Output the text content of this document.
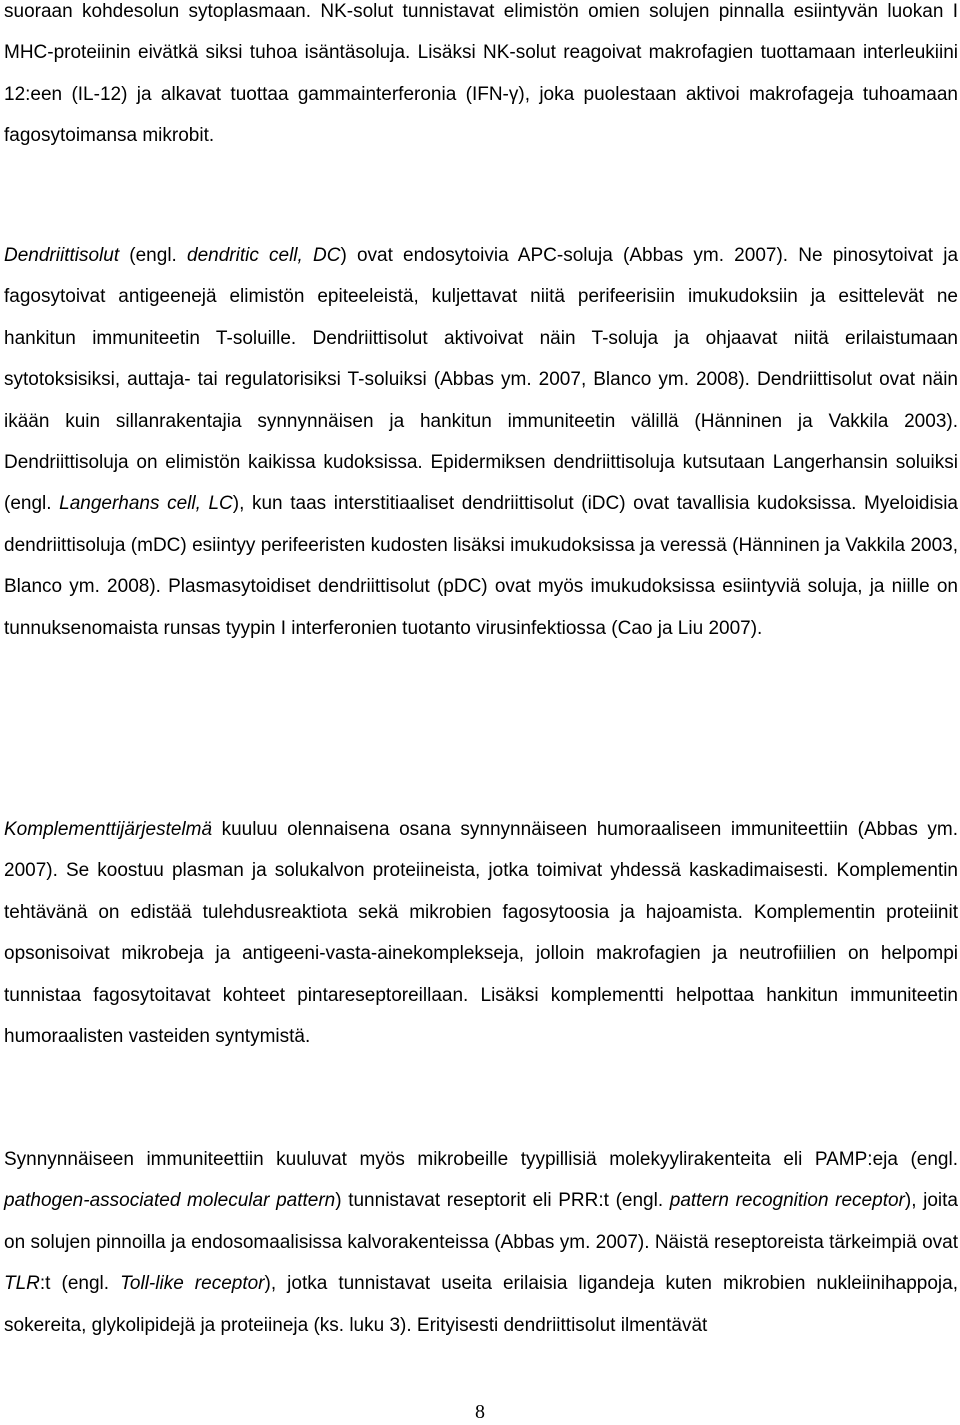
suoraan kohdesolun sytoplasmaan. NK-solut tunnistavat elimistön omien solujen pinnalla esiintyvän luokan I MHC-proteiinin eivätkä siksi tuhoa isäntäsoluja. Lisäksi NK-solut reagoivat makrofagien tuottamaan interleukiini 12:een (IL-12) ja alkavat tuottaa gammainterferonia (IFN-γ), joka puolestaan aktivoi makrofageja tuhoamaan fagosytoimansa mikrobit.

Dendriittisolut (engl. dendritic cell, DC) ovat endosytoivia APC-soluja (Abbas ym. 2007). Ne pinosytoivat ja fagosytoivat antigeenejä elimistön epiteeleistä, kuljettavat niitä perifeerisiin imukudoksiin ja esittelevät ne hankitun immuniteetin T-soluille. Dendriittisolut aktivoivat näin T-soluja ja ohjaavat niitä erilaistumaan sytotoksisiksi, auttaja- tai regulatorisiksi T-soluiksi (Abbas ym. 2007, Blanco ym. 2008). Dendriittisolut ovat näin ikään kuin sillanrakentajia synnynnäisen ja hankitun immuniteetin välillä (Hänninen ja Vakkila 2003). Dendriittisoluja on elimistön kaikissa kudoksissa. Epidermiksen dendriittisoluja kutsutaan Langerhansin soluiksi (engl. Langerhans cell, LC), kun taas interstitiaaliset dendriittisolut (iDC) ovat tavallisia kudoksissa. Myeloidisia dendriittisoluja (mDC) esiintyy perifeeristen kudosten lisäksi imukudoksissa ja veressä (Hänninen ja Vakkila 2003, Blanco ym. 2008). Plasmasytoidiset dendriittisolut (pDC) ovat myös imukudoksissa esiintyviä soluja, ja niille on tunnuksenomaista runsas tyypin I interferonien tuotanto virusinfektiossa (Cao ja Liu 2007).

Komplementtijärjestelmä kuuluu olennaisena osana synnynnäiseen humoraaliseen immuniteettiin (Abbas ym. 2007). Se koostuu plasman ja solukalvon proteiineista, jotka toimivat yhdessä kaskadimaisesti. Komplementin tehtävänä on edistää tulehdusreaktiota sekä mikrobien fagosytoosia ja hajoamista. Komplementin proteiinit opsonisoivat mikrobeja ja antigeeni-vasta-ainekomplekseja, jolloin makrofagien ja neutrofiilien on helpompi tunnistaa fagosytoitavat kohteet pintareseptoreillaan. Lisäksi komplementti helpottaa hankitun immuniteetin humoraalisten vasteiden syntymistä.

Synnynnäiseen immuniteettiin kuuluvat myös mikrobeille tyypillisiä molekyylirakenteita eli PAMP:eja (engl. pathogen-associated molecular pattern) tunnistavat reseptorit eli PRR:t (engl. pattern recognition receptor), joita on solujen pinnoilla ja endosomaalisissa kalvorakenteissa (Abbas ym. 2007). Näistä reseptoreista tärkeimpiä ovat TLR:t (engl. Toll-like receptor), jotka tunnistavat useita erilaisia ligandeja kuten mikrobien nukleiinihappoja, sokereita, glykolipidejä ja proteiineja (ks. luku 3). Erityisesti dendriittisolut ilmentävät

8
